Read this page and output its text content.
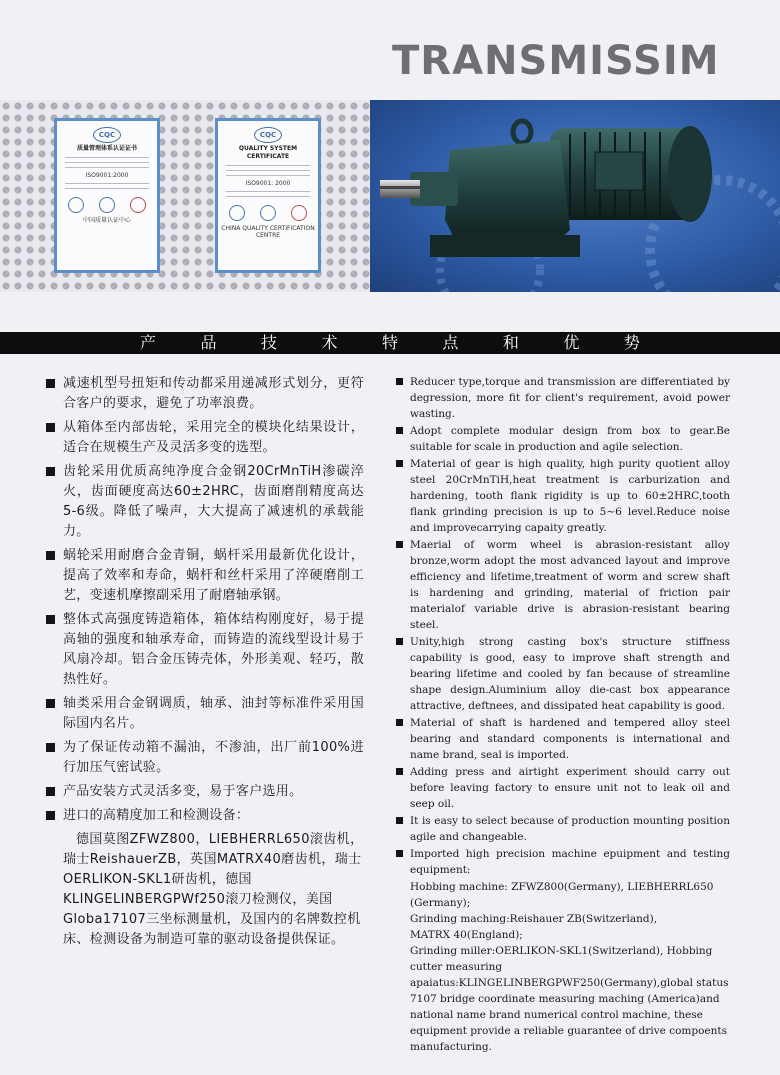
TRANSMISSIM
CQC
质量管理体系认证证书
ISO9001:2000
中国质量认证中心
CQC
QUALITY SYSTEM CERTIFICATE
ISO9001: 2000
CHINA QUALITY CERTIFICATION CENTRE
产	品	技	术	特	点	和	优	势
减速机型号扭矩和传动都采用递减形式划分，更符合客户的要求，避免了功率浪费。
从箱体至内部齿轮，采用完全的模块化结果设计，适合在规模生产及灵活多变的选型。
齿轮采用优质高纯净度合金钢20CrMnTiH渗碳淬火，齿面硬度高达60±2HRC，齿面磨削精度高达5-6级。降低了噪声，大大提高了减速机的承载能力。
蜗轮采用耐磨合金青铜，蜗杆采用最新优化设计，提高了效率和寿命，蜗杆和丝杆采用了淬硬磨削工艺，变速机摩擦副采用了耐磨轴承钢。
整体式高强度铸造箱体，箱体结构刚度好，易于提高轴的强度和轴承寿命，而铸造的流线型设计易于风扇冷却。铝合金压铸壳体，外形美观、轻巧，散热性好。
轴类采用合金钢调质，轴承、油封等标准件采用国际国内名片。
为了保证传动箱不漏油，不渗油，出厂前100%进行加压气密试验。
产品安装方式灵活多变，易于客户选用。
进口的高精度加工和检测设备：
德国莫图ZFWZ800，LIEBHERRL650滚齿机，瑞士ReishauerZB，英国MATRX40磨齿机，瑞士OERLIKON-SKL1研齿机，德国KLINGELINBERGPWf250滚刀检测仪，美国Globa17107三坐标测量机，及国内的名牌数控机床、检测设备为制造可靠的驱动设备提供保证。
Reducer type,torque and transmission are differentiated by degression, more fit for client's requirement, avoid power wasting.
Adopt complete modular design from box to gear.Be suitable for scale in production and agile selection.
Material of gear is high quality, high purity quotient alloy steel 20CrMnTiH,heat treatment is carburization and hardening, tooth flank rigidity is up to 60±2HRC,tooth flank grinding precision is up to 5~6 level.Reduce noise and improvecarrying capaity greatly.
Maerial of worm wheel is abrasion-resistant alloy bronze,worm adopt the most advanced layout and improve efficiency and lifetime,treatment of worm and screw shaft is hardening and grinding, material of friction pair materialof variable drive is abrasion-resistant bearing steel.
Unity,high strong casting box's structure stiffness capability is good, easy to improve shaft strength and bearing lifetime and cooled by fan because of streamline shape design.Aluminium alloy die-cast box appearance attractive, deftnees, and dissipated heat capability is good.
Material of shaft is hardened and tempered alloy steel bearing and standard components is international and name brand, seal is imported.
Adding press and airtight experiment should carry out before leaving factory to ensure unit not to leak oil and seep oil.
It is easy to select because of production mounting position agile and changeable.
Imported high precision machine epuipment and testing equipment:
Hobbing machine: ZFWZ800(Germany), LIEBHERRL650 (Germany);
Grinding maching:Reishauer ZB(Switzerland),
MATRX 40(England);
Grinding miller:OERLIKON-SKL1(Switzerland), Hobbing cutter measuring apaiatus:KLINGELINBERGPWF250(Germany),global status 7107 bridge coordinate measuring maching (America)and national name brand numerical control machine, these equipment provide a reliable guarantee of drive compoents manufacturing.
